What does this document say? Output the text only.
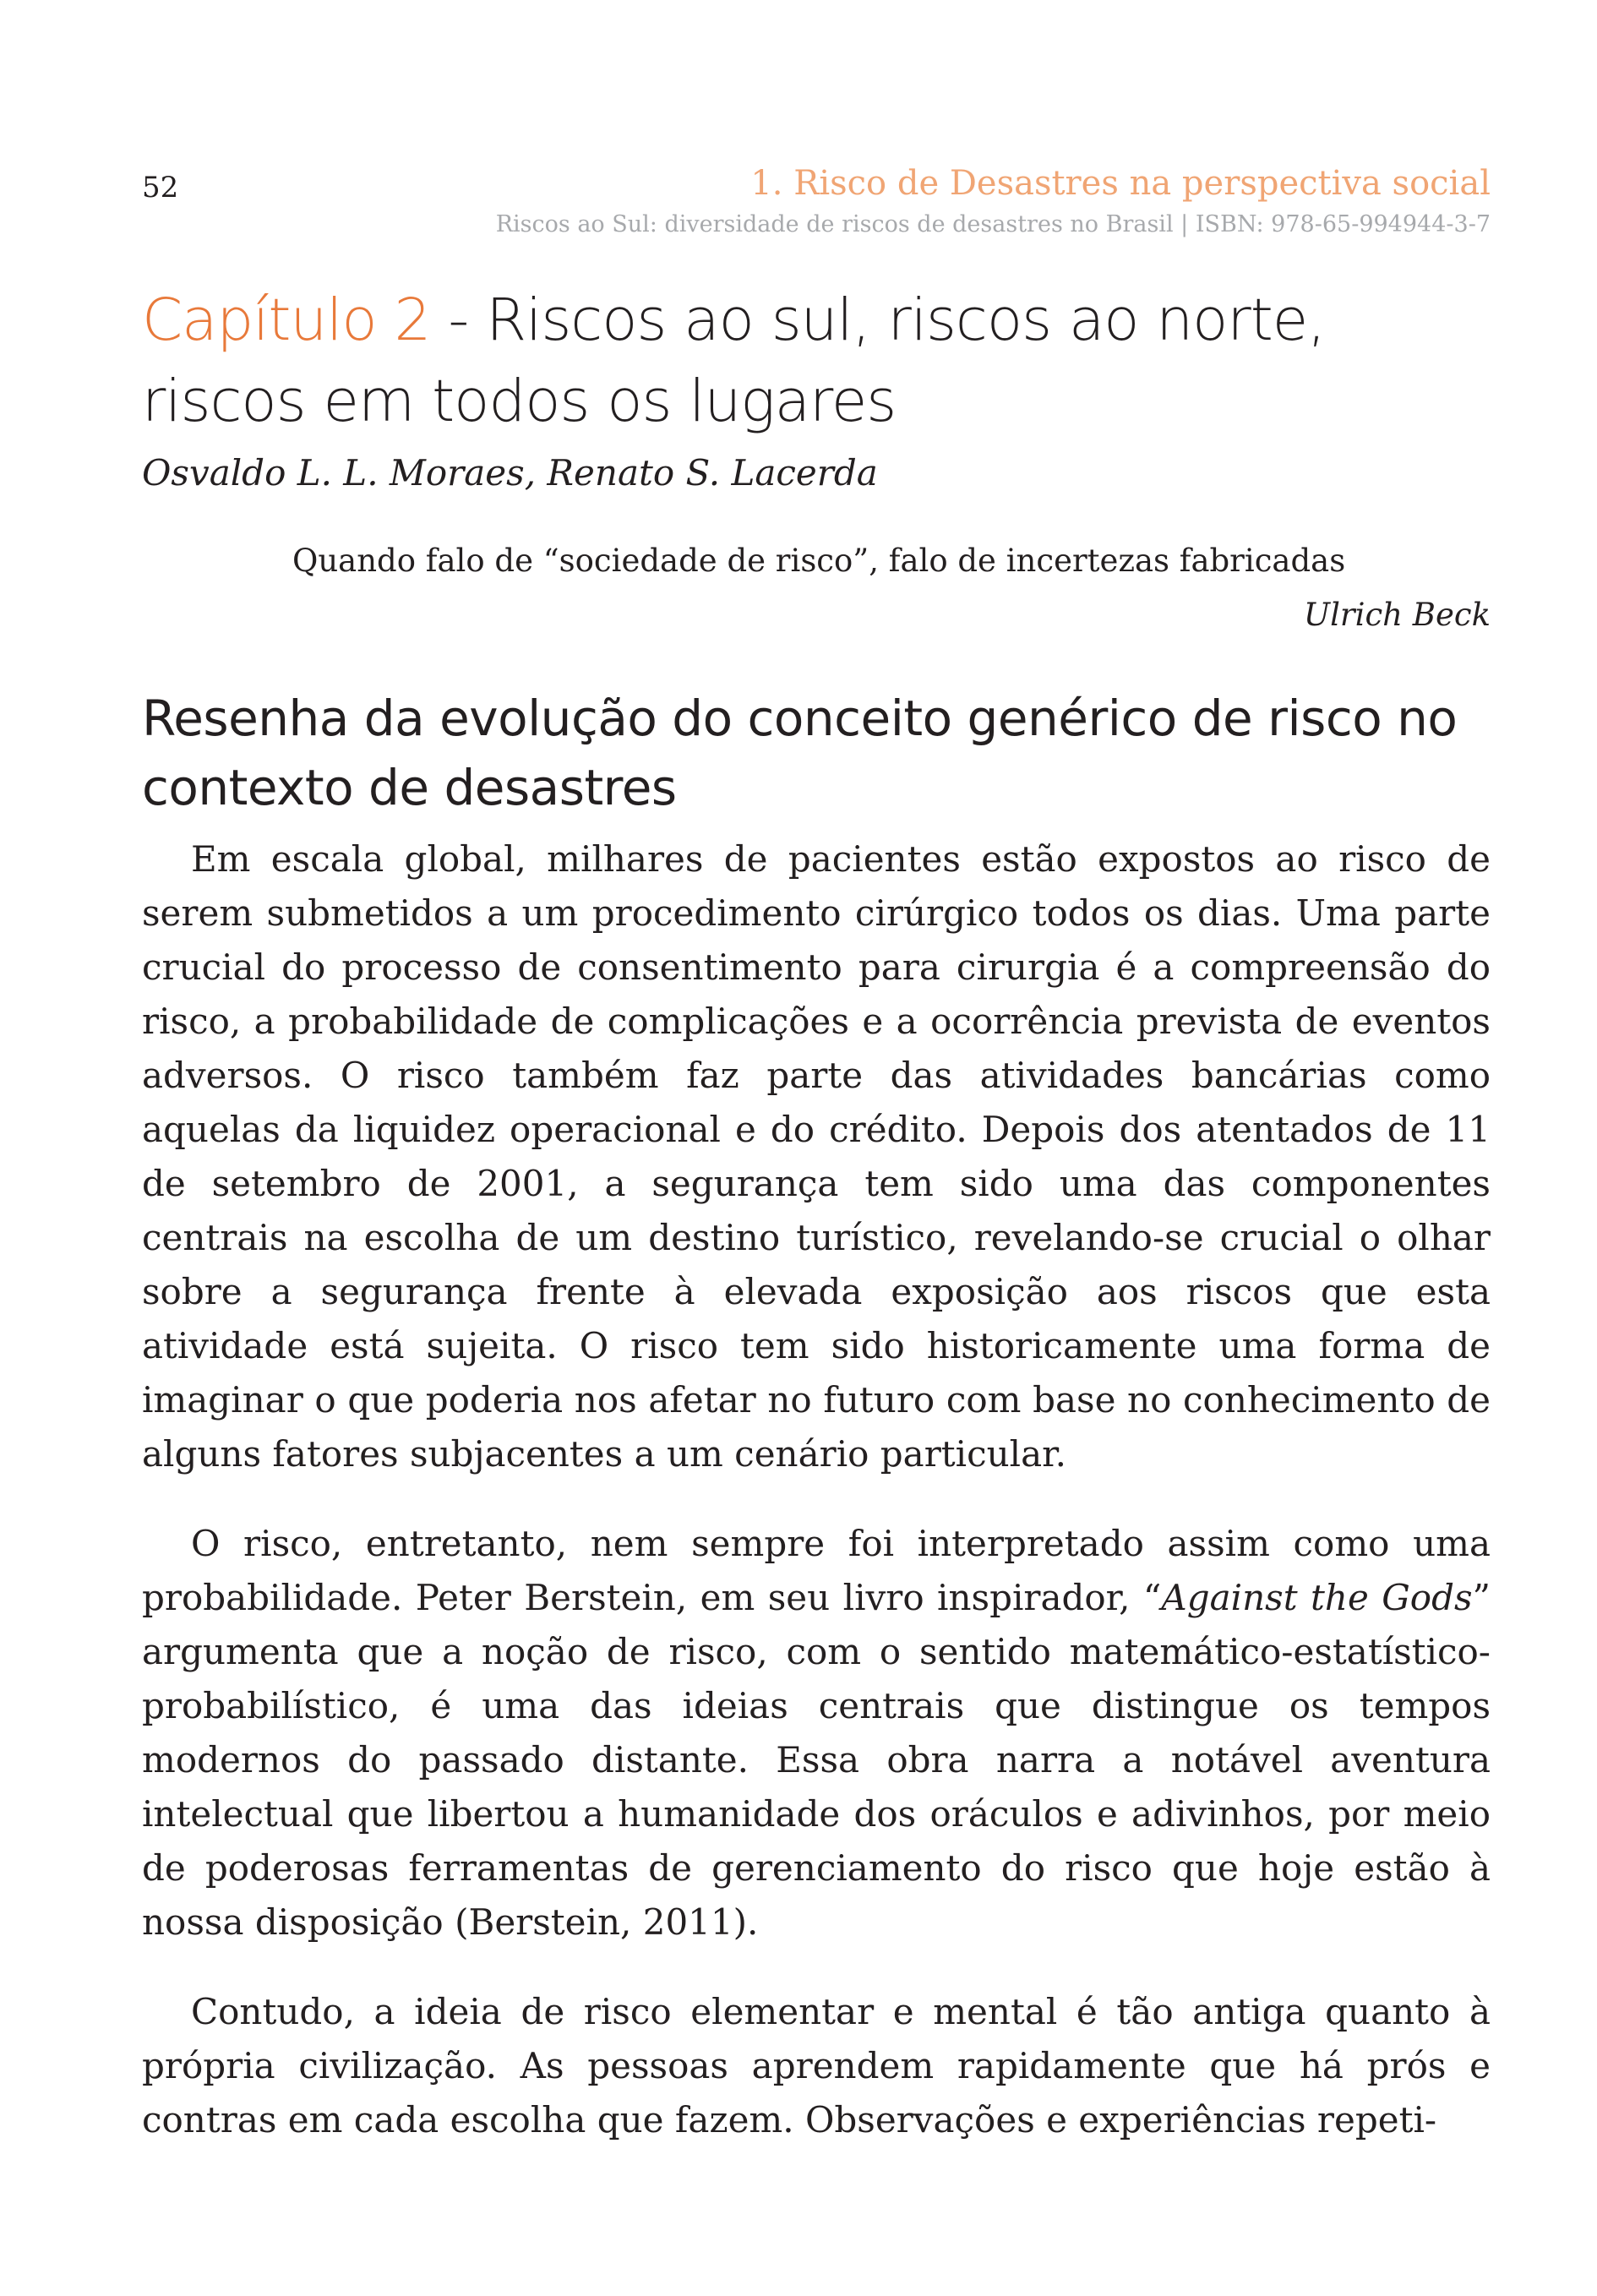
52	1. Risco de Desastres na perspectiva social
Riscos ao Sul: diversidade de riscos de desastres no Brasil | ISBN: 978-65-994944-3-7
Capítulo 2 - Riscos ao sul, riscos ao norte, riscos em todos os lugares
Osvaldo L. L. Moraes, Renato S. Lacerda
Quando falo de “sociedade de risco”, falo de incertezas fabricadas
Ulrich Beck
Resenha da evolução do conceito genérico de risco no contexto de desastres

Em escala global, milhares de pacientes estão expostos ao risco de serem submetidos a um procedimento cirúrgico todos os dias. Uma parte crucial do processo de consentimento para cirurgia é a compreensão do risco, a probabilidade de complicações e a ocorrência prevista de eventos adversos. O risco também faz parte das atividades bancárias como aquelas da liquidez operacional e do crédito. Depois dos atentados de 11 de setembro de 2001, a segurança tem sido uma das componentes centrais na escolha de um destino turístico, revelando-se crucial o olhar sobre a segurança frente à elevada exposição aos riscos que esta atividade está sujeita. O risco tem sido historicamente uma forma de imaginar o que poderia nos afetar no futuro com base no conhecimento de alguns fatores subjacentes a um cenário particular.

O risco, entretanto, nem sempre foi interpretado assim como uma probabilidade. Peter Berstein, em seu livro inspirador, “Against the Gods” argumenta que a noção de risco, com o sentido matemático-estatístico-probabilístico, é uma das ideias centrais que distingue os tempos modernos do passado distante. Essa obra narra a notável aventura intelectual que libertou a humanidade dos oráculos e adivinhos, por meio de poderosas ferramentas de gerenciamento do risco que hoje estão à nossa disposição (Berstein, 2011).

Contudo, a ideia de risco elementar e mental é tão antiga quanto à própria civilização. As pessoas aprendem rapidamente que há prós e contras em cada escolha que fazem. Observações e experiências repeti-
